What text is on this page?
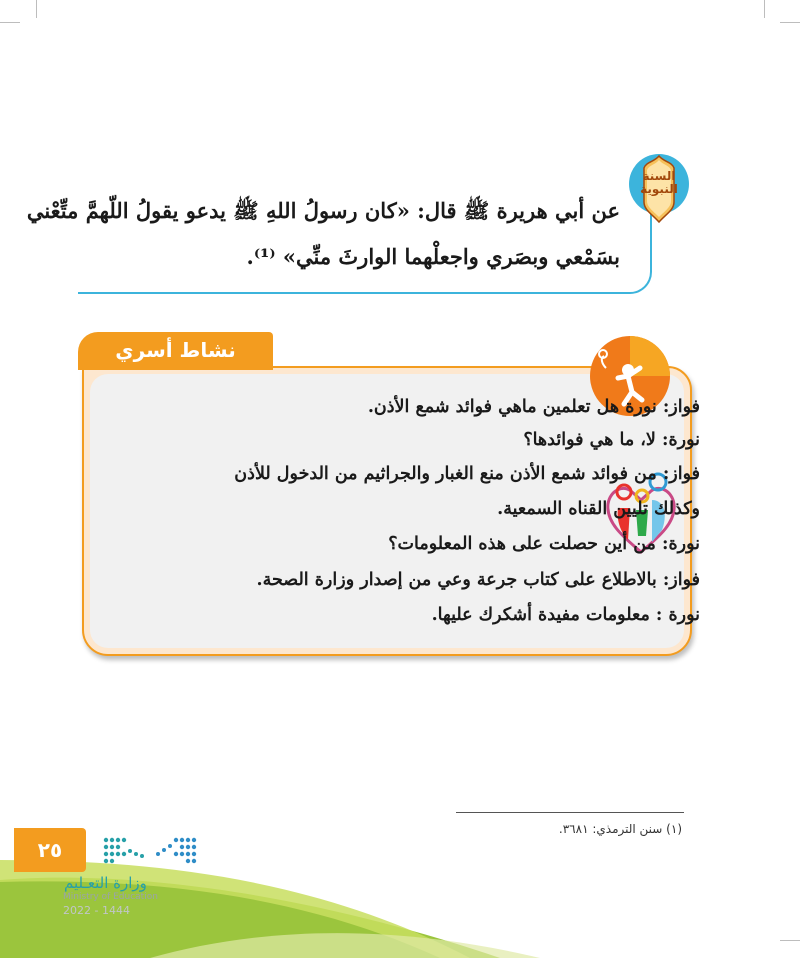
السنة
النبوية
عن أبي هريرة ﷺ قال: «كان رسولُ اللهِ ﷺ يدعو يقولُ اللّهمَّ متِّعْني
بسَمْعي وبصَري واجعلْهما الوارثَ منِّي» ⁽¹⁾.
نشاط أسري
فواز: نورة هل تعلمين ماهي فوائد شمع الأذن.
نورة: لا، ما هي فوائدها؟
فواز: من فوائد شمع الأذن منع الغبار والجراثيم من الدخول للأذن
وكذلك تليين القناه السمعية.
نورة: من أين حصلت على هذه المعلومات؟
فواز: بالاطلاع على كتاب جرعة وعي من إصدار وزارة الصحة.
نورة : معلومات مفيدة أشكرك عليها.
(١) سنن الترمذي: ٣٦٨١.
٢٥
وزارة التعـليم
Ministry of Education
2022 - 1444
